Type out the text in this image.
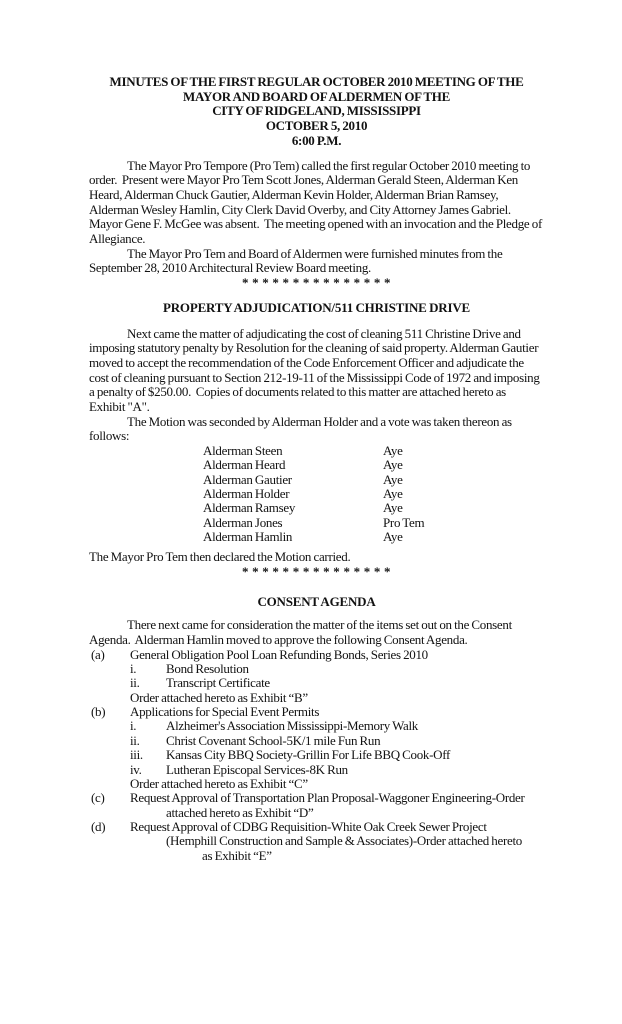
MINUTES OF THE FIRST REGULAR OCTOBER 2010 MEETING OF THE
MAYOR AND BOARD OF ALDERMEN OF THE
CITY OF RIDGELAND, MISSISSIPPI
OCTOBER 5, 2010
6:00 P.M.

The Mayor Pro Tempore (Pro Tem) called the first regular October 2010 meeting to order.  Present were Mayor Pro Tem Scott Jones, Alderman Gerald Steen, Alderman Ken Heard, Alderman Chuck Gautier, Alderman Kevin Holder, Alderman Brian Ramsey, Alderman Wesley Hamlin, City Clerk David Overby, and City Attorney James Gabriel.  Mayor Gene F. McGee was absent.  The meeting opened with an invocation and the Pledge of Allegiance.

The Mayor Pro Tem and Board of Aldermen were furnished minutes from the September 28, 2010 Architectural Review Board meeting.

* * * * * * * * * * * * * * *
PROPERTY ADJUDICATION/511 CHRISTINE DRIVE

Next came the matter of adjudicating the cost of cleaning 511 Christine Drive and imposing statutory penalty by Resolution for the cleaning of said property. Alderman Gautier moved to accept the recommendation of the Code Enforcement Officer and adjudicate the cost of cleaning pursuant to Section 212-19-11 of the Mississippi Code of 1972 and imposing a penalty of $250.00.  Copies of documents related to this matter are attached hereto as Exhibit "A".

The Motion was seconded by Alderman Holder and a vote was taken thereon as follows:

Alderman Steen	Aye
Alderman Heard	Aye
Alderman Gautier	Aye
Alderman Holder	Aye
Alderman Ramsey	Aye
Alderman Jones	Pro Tem
Alderman Hamlin	Aye

The Mayor Pro Tem then declared the Motion carried.

* * * * * * * * * * * * * * *
CONSENT AGENDA

There next came for consideration the matter of the items set out on the Consent Agenda.  Alderman Hamlin moved to approve the following Consent Agenda.

(a) General Obligation Pool Loan Refunding Bonds, Series 2010
i. Bond Resolution
ii. Transcript Certificate
Order attached hereto as Exhibit “B”
(b) Applications for Special Event Permits
i. Alzheimer's Association Mississippi-Memory Walk
ii. Christ Covenant School-5K/1 mile Fun Run
iii. Kansas City BBQ Society-Grillin For Life BBQ Cook-Off
iv. Lutheran Episcopal Services-8K Run
Order attached hereto as Exhibit “C”
(c) Request Approval of Transportation Plan Proposal-Waggoner Engineering-Order
attached hereto as Exhibit “D”
(d) Request Approval of CDBG Requisition-White Oak Creek Sewer Project
(Hemphill Construction and Sample & Associates)-Order attached hereto
as Exhibit “E”
